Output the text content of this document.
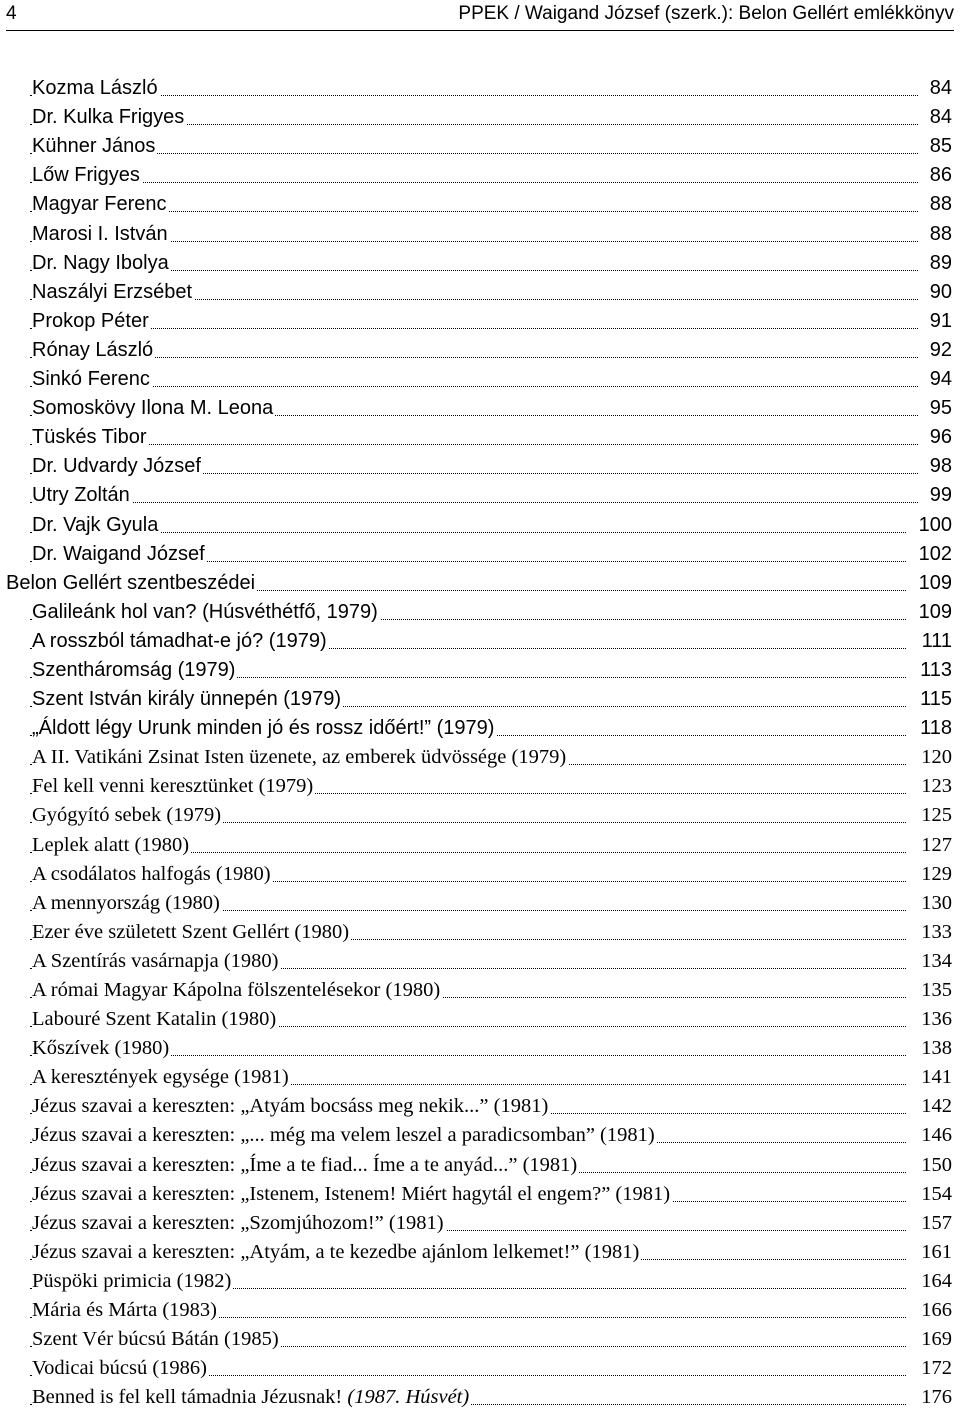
4	PPEK / Waigand József (szerk.): Belon Gellért emlékkönyv
Kozma László	84
Dr. Kulka Frigyes	84
Kühner János	85
Lőw Frigyes	86
Magyar Ferenc	88
Marosi I. István	88
Dr. Nagy Ibolya	89
Naszályi Erzsébet	90
Prokop Péter	91
Rónay László	92
Sinkó Ferenc	94
Somoskövy Ilona M. Leona	95
Tüskés Tibor	96
Dr. Udvardy József	98
Utry Zoltán	99
Dr. Vajk Gyula	100
Dr. Waigand József	102
Belon Gellért szentbeszédei	109
Galileánk hol van? (Húsvéthétfő, 1979)	109
A rosszból támadhat-e jó? (1979)	111
Szentháromság (1979)	113
Szent István király ünnepén (1979)	115
„Áldott légy Urunk minden jó és rossz időért!” (1979)	118
A II. Vatikáni Zsinat Isten üzenete, az emberek üdvössége (1979)	120
Fel kell venni keresztünket (1979)	123
Gyógyító sebek (1979)	125
Leplek alatt (1980)	127
A csodálatos halfogás (1980)	129
A mennyország (1980)	130
Ezer éve született Szent Gellért (1980)	133
A Szentírás vasárnapja (1980)	134
A római Magyar Kápolna fölszentelésekor (1980)	135
Labouré Szent Katalin (1980)	136
Kőszívek (1980)	138
A keresztények egysége (1981)	141
Jézus szavai a kereszten: „Atyám bocsáss meg nekik...” (1981)	142
Jézus szavai a kereszten: „... még ma velem leszel a paradicsomban” (1981)	146
Jézus szavai a kereszten: „Íme a te fiad... Íme a te anyád...” (1981)	150
Jézus szavai a kereszten: „Istenem, Istenem! Miért hagytál el engem?” (1981)	154
Jézus szavai a kereszten: „Szomjúhozom!” (1981)	157
Jézus szavai a kereszten: „Atyám, a te kezedbe ajánlom lelkemet!” (1981)	161
Püspöki primicia (1982)	164
Mária és Márta (1983)	166
Szent Vér búcsú Bátán (1985)	169
Vodicai búcsú (1986)	172
Benned is fel kell támadnia Jézusnak! (1987. Húsvét)	176
